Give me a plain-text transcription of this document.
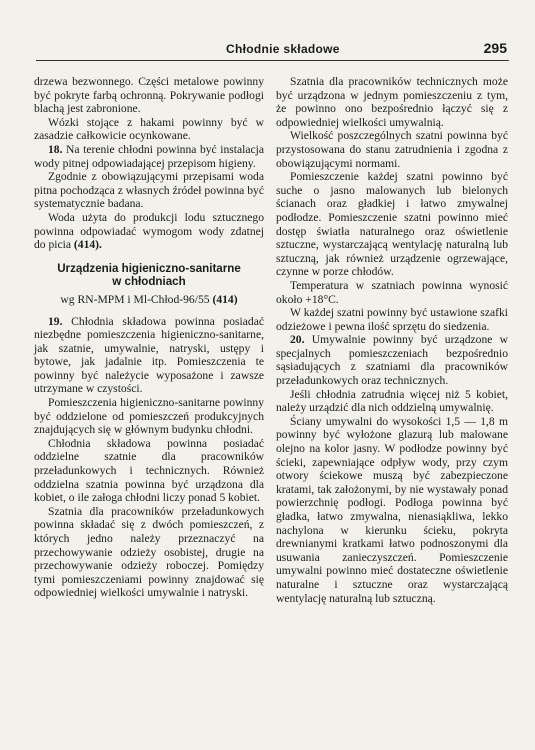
Chłodnie składowe	295

drzewa bezwonnego. Części metalowe powinny być pokryte farbą ochronną. Pokrywanie podłogi blachą jest zabronione.

Wózki stojące z hakami powinny być w zasadzie całkowicie ocynkowane.

18. Na terenie chłodni powinna być instalacja wody pitnej odpowiadającej przepisom higieny.

Zgodnie z obowiązującymi przepisami woda pitna pochodząca z własnych źródeł powinna być systematycznie badana.

Woda użyta do produkcji lodu sztucznego powinna odpowiadać wymogom wody zdatnej do picia (414).

Urządzenia higieniczno-sanitarne
w chłodniach
wg RN-MPM i Ml-Chłod-96/55 (414)

19. Chłodnia składowa powinna posiadać niezbędne pomieszczenia higieniczno-sanitarne, jak szatnie, umywalnie, natryski, ustępy i bytowe, jak jadalnie itp. Pomieszczenia te powinny być należycie wyposażone i zawsze utrzymane w czystości.

Pomieszczenia higieniczno-sanitarne powinny być oddzielone od pomieszczeń produkcyjnych znajdujących się w głównym budynku chłodni.

Chłodnia składowa powinna posiadać oddzielne szatnie dla pracowników przeładunkowych i technicznych. Również oddzielna szatnia powinna być urządzona dla kobiet, o ile załoga chłodni liczy ponad 5 kobiet.

Szatnia dla pracowników przeładunkowych powinna składać się z dwóch pomieszczeń, z których jedno należy przeznaczyć na przechowywanie odzieży osobistej, drugie na przechowywanie odzieży roboczej. Pomiędzy tymi pomieszczeniami powinny znajdować się odpowiedniej wielkości umywalnie i natryski.

Szatnia dla pracowników technicznych może być urządzona w jednym pomieszczeniu z tym, że powinno ono bezpośrednio łączyć się z odpowiedniej wielkości umywalnią.

Wielkość poszczególnych szatni powinna być przystosowana do stanu zatrudnienia i zgodna z obowiązującymi normami.

Pomieszczenie każdej szatni powinno być suche o jasno malowanych lub bielonych ścianach oraz gładkiej i łatwo zmywalnej podłodze. Pomieszczenie szatni powinno mieć dostęp światła naturalnego oraz oświetlenie sztuczne, wystarczającą wentylację naturalną lub sztuczną, jak również urządzenie ogrzewające, czynne w porze chłodów.

Temperatura w szatniach powinna wynosić około +18°C.

W każdej szatni powinny być ustawione szafki odzieżowe i pewna ilość sprzętu do siedzenia.

20. Umywalnie powinny być urządzone w specjalnych pomieszczeniach bezpośrednio sąsiadujących z szatniami dla pracowników przeładunkowych oraz technicznych.

Jeśli chłodnia zatrudnia więcej niż 5 kobiet, należy urządzić dla nich oddzielną umywalnię.

Ściany umywalni do wysokości 1,5 — 1,8 m powinny być wyłożone glazurą lub malowane olejno na kolor jasny. W podłodze powinny być ścieki, zapewniające odpływ wody, przy czym otwory ściekowe muszą być zabezpieczone kratami, tak założonymi, by nie wystawały ponad powierzchnię podłogi. Podłoga powinna być gładka, łatwo zmywalna, nienasiąkliwa, lekko nachylona w kierunku ścieku, pokryta drewnianymi kratkami łatwo podnoszonymi dla usuwania zanieczyszczeń. Pomieszczenie umywalni powinno mieć dostateczne oświetlenie naturalne i sztuczne oraz wystarczającą wentylację naturalną lub sztuczną.
